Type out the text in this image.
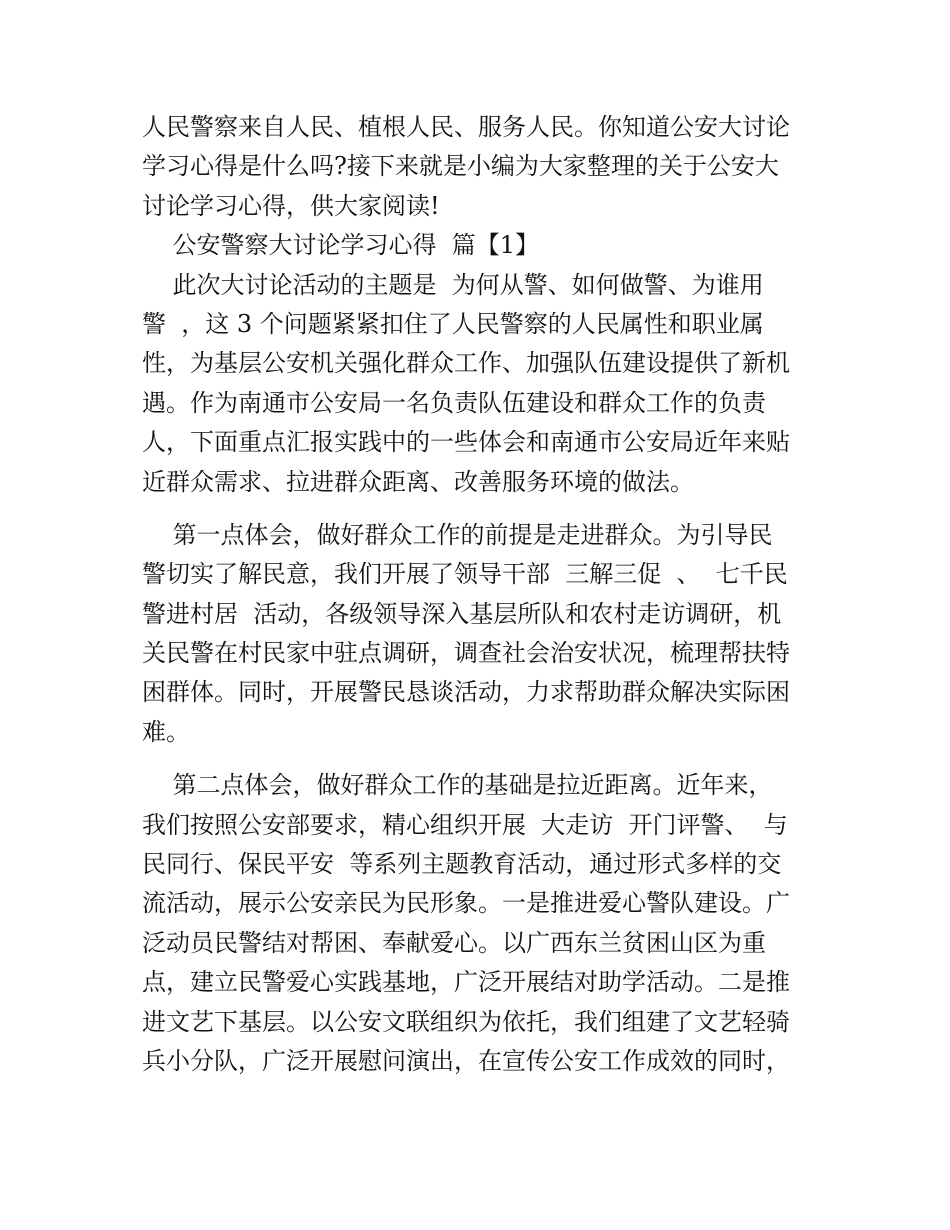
人民警察来自人民、植根人民、服务人民。你知道公安大讨论
学习心得是什么吗?接下来就是小编为大家整理的关于公安大
讨论学习心得，供大家阅读!
公安警察大讨论学习心得  篇【1】
此次大讨论活动的主题是  为何从警、如何做警、为谁用
警  ，这 3 个问题紧紧扣住了人民警察的人民属性和职业属
性，为基层公安机关强化群众工作、加强队伍建设提供了新机
遇。作为南通市公安局一名负责队伍建设和群众工作的负责
人，下面重点汇报实践中的一些体会和南通市公安局近年来贴
近群众需求、拉进群众距离、改善服务环境的做法。
第一点体会，做好群众工作的前提是走进群众。为引导民
警切实了解民意，我们开展了领导干部  三解三促  、  七千民
警进村居  活动，各级领导深入基层所队和农村走访调研，机
关民警在村民家中驻点调研，调查社会治安状况，梳理帮扶特
困群体。同时，开展警民恳谈活动，力求帮助群众解决实际困
难。
第二点体会，做好群众工作的基础是拉近距离。近年来，
我们按照公安部要求，精心组织开展  大走访  开门评警、  与
民同行、保民平安  等系列主题教育活动，通过形式多样的交
流活动，展示公安亲民为民形象。一是推进爱心警队建设。广
泛动员民警结对帮困、奉献爱心。以广西东兰贫困山区为重
点，建立民警爱心实践基地，广泛开展结对助学活动。二是推
进文艺下基层。以公安文联组织为依托，我们组建了文艺轻骑
兵小分队，广泛开展慰问演出，在宣传公安工作成效的同时，
